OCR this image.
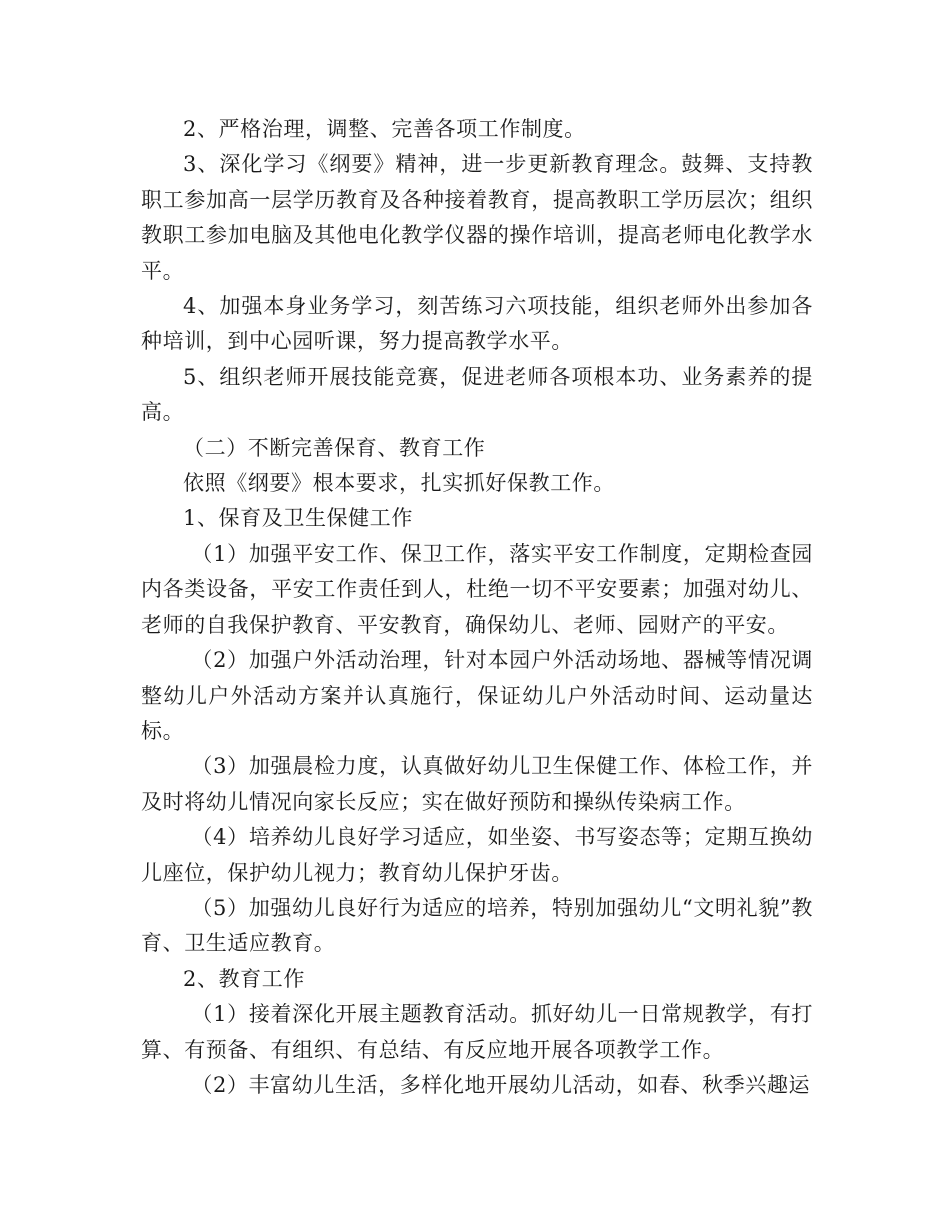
2、严格治理，调整、完善各项工作制度。

3、深化学习《纲要》精神，进一步更新教育理念。鼓舞、支持教职工参加高一层学历教育及各种接着教育，提高教职工学历层次；组织教职工参加电脑及其他电化教学仪器的操作培训，提高老师电化教学水平。

4、加强本身业务学习，刻苦练习六项技能，组织老师外出参加各种培训，到中心园听课，努力提高教学水平。

5、组织老师开展技能竞赛，促进老师各项根本功、业务素养的提高。

（二）不断完善保育、教育工作

依照《纲要》根本要求，扎实抓好保教工作。

1、保育及卫生保健工作

（1）加强平安工作、保卫工作，落实平安工作制度，定期检查园内各类设备，平安工作责任到人，杜绝一切不平安要素；加强对幼儿、老师的自我保护教育、平安教育，确保幼儿、老师、园财产的平安。

（2）加强户外活动治理，针对本园户外活动场地、器械等情况调整幼儿户外活动方案并认真施行，保证幼儿户外活动时间、运动量达标。

（3）加强晨检力度，认真做好幼儿卫生保健工作、体检工作，并及时将幼儿情况向家长反应；实在做好预防和操纵传染病工作。

（4）培养幼儿良好学习适应，如坐姿、书写姿态等；定期互换幼儿座位，保护幼儿视力；教育幼儿保护牙齿。

（5）加强幼儿良好行为适应的培养，特别加强幼儿“文明礼貌”教育、卫生适应教育。

2、教育工作

（1）接着深化开展主题教育活动。抓好幼儿一日常规教学，有打算、有预备、有组织、有总结、有反应地开展各项教学工作。

（2）丰富幼儿生活，多样化地开展幼儿活动，如春、秋季兴趣运
